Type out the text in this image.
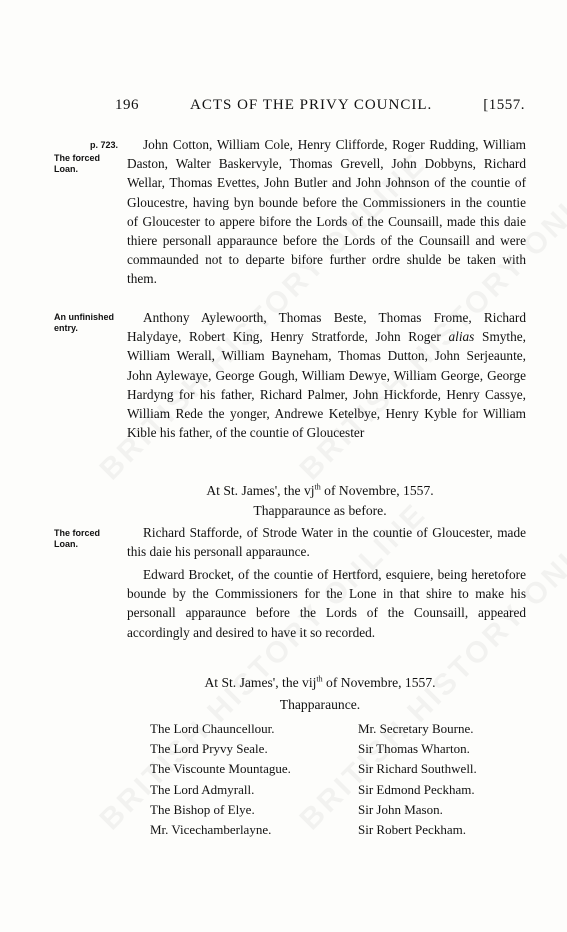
196	ACTS OF THE PRIVY COUNCIL.	[1557.
p. 723.
The forced Loan.

John Cotton, William Cole, Henry Clifforde, Roger Rudding, William Daston, Walter Baskervyle, Thomas Grevell, John Dobbyns, Richard Wellar, Thomas Evettes, John Butler and John Johnson of the countie of Gloucestre, having byn bounde before the Commissioners in the countie of Gloucester to appere bifore the Lords of the Counsaill, made this daie thiere personall apparaunce before the Lords of the Counsaill and were commaunded not to departe bifore further ordre shulde be taken with them.

An unfinished entry.

Anthony Aylewoorth, Thomas Beste, Thomas Frome, Richard Halydaye, Robert King, Henry Stratforde, John Roger alias Smythe, William Werall, William Bayneham, Thomas Dutton, John Serjeaunte, John Aylewaye, George Gough, William Dewye, William George, George Hardyng for his father, Richard Palmer, John Hickforde, Henry Cassye, William Rede the yonger, Andrewe Ketelbye, Henry Kyble for William Kible his father, of the countie of Gloucester

At St. James', the $vj^{th}$ of Novembre, 1557.
Thapparaunce as before.
The forced Loan.

Richard Stafforde, of Strode Water in the countie of Gloucester, made this daie his personall apparaunce.

Edward Brocket, of the countie of Hertford, esquiere, being heretofore bounde by the Commissioners for the Lone in that shire to make his personall apparaunce before the Lords of the Counsaill, appeared accordingly and desired to have it so recorded.

At St. James', the vij$^{th}$ of Novembre, 1557.
Thapparaunce.
The Lord Chauncellour.
The Lord Pryvy Seale.
The Viscounte Mountague.
The Lord Admyrall.
The Bishop of Elye.
Mr. Vicechamberlayne.
Mr. Secretary Bourne.
Sir Thomas Wharton.
Sir Richard Southwell.
Sir Edmond Peckham.
Sir John Mason.
Sir Robert Peckham.
